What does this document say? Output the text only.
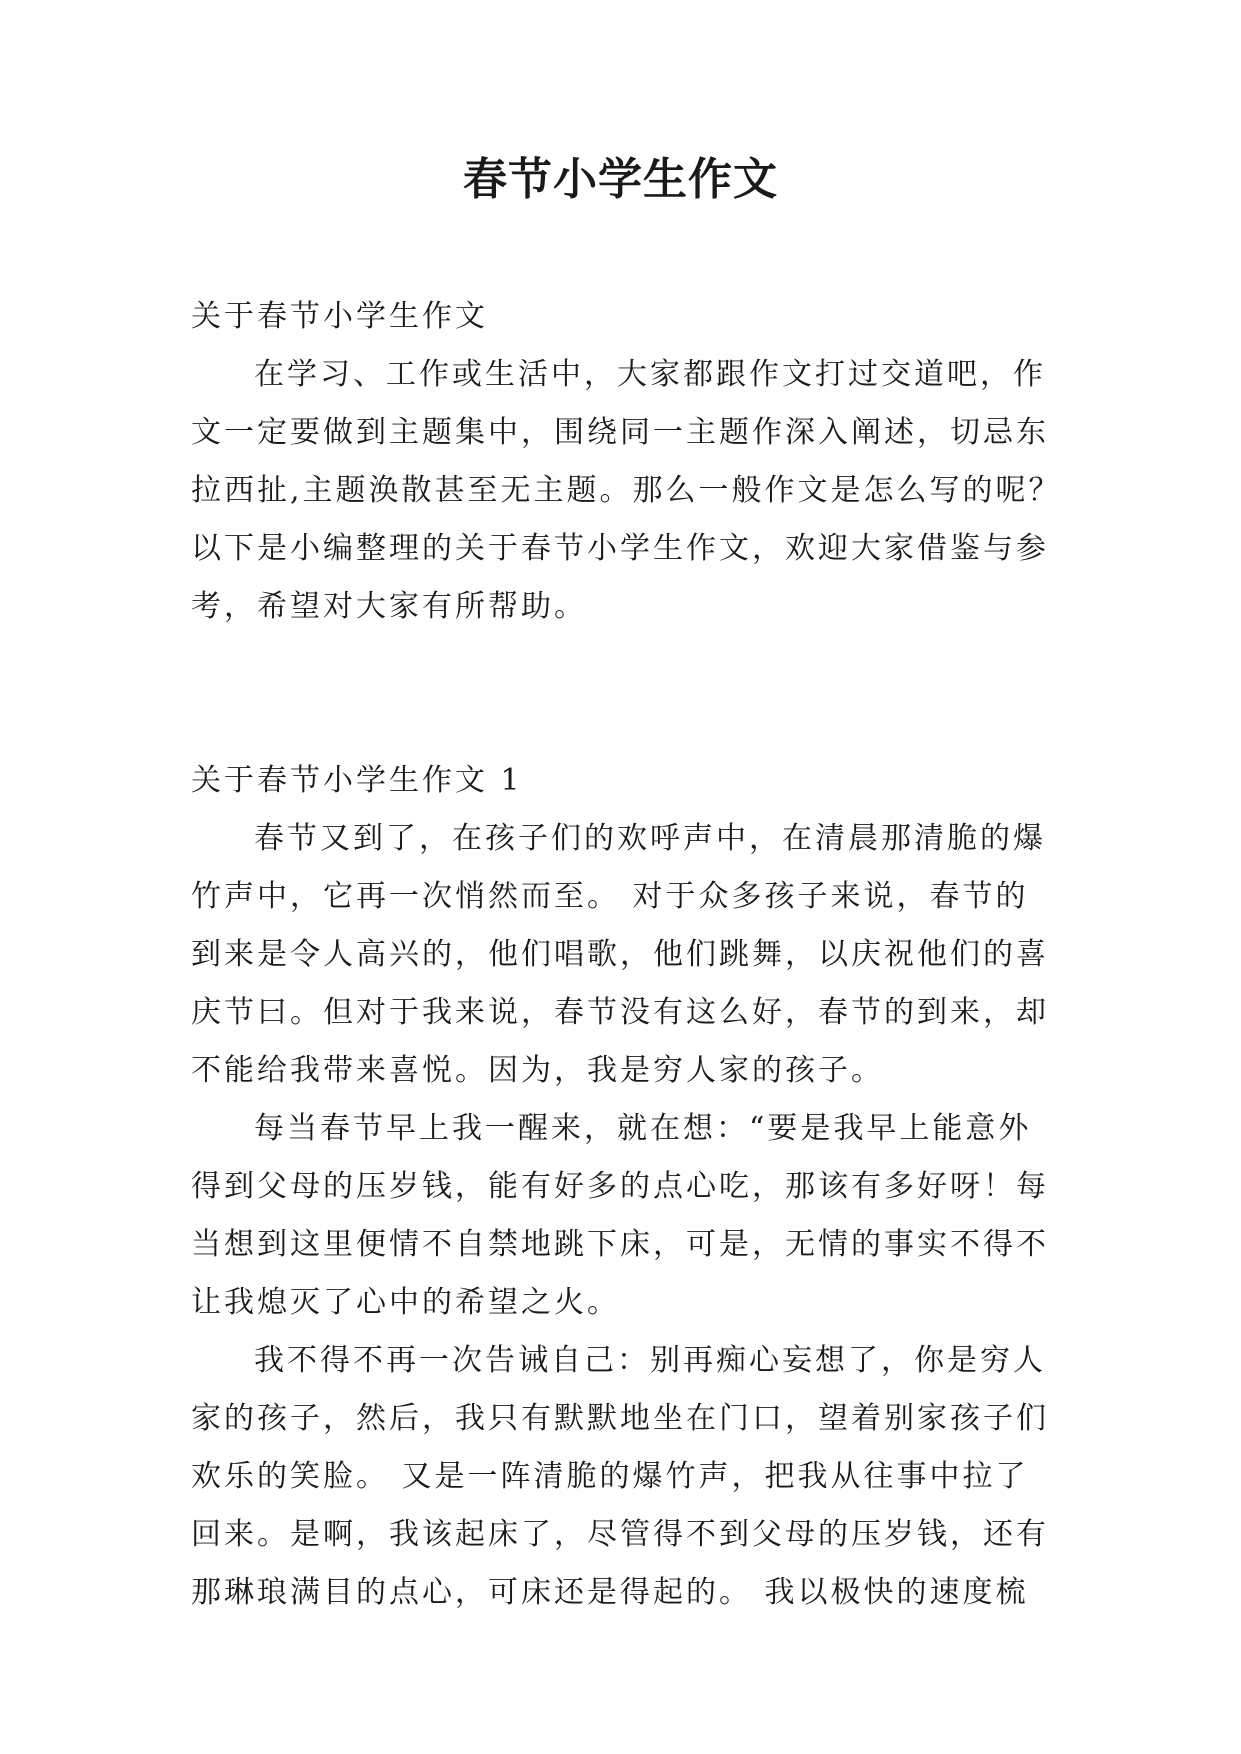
春节小学生作文

关于春节小学生作文

在学习、工作或生活中，大家都跟作文打过交道吧，作

文一定要做到主题集中，围绕同一主题作深入阐述，切忌东

拉西扯,主题涣散甚至无主题。那么一般作文是怎么写的呢？

以下是小编整理的关于春节小学生作文，欢迎大家借鉴与参

考，希望对大家有所帮助。

关于春节小学生作文 1

春节又到了，在孩子们的欢呼声中，在清晨那清脆的爆

竹声中，它再一次悄然而至。 对于众多孩子来说，春节的

到来是令人高兴的，他们唱歌，他们跳舞，以庆祝他们的喜

庆节曰。但对于我来说，春节没有这么好，春节的到来，却

不能给我带来喜悦。因为，我是穷人家的孩子。

每当春节早上我一醒来，就在想：“要是我早上能意外

得到父母的压岁钱，能有好多的点心吃，那该有多好呀！每

当想到这里便情不自禁地跳下床，可是，无情的事实不得不

让我熄灭了心中的希望之火。

我不得不再一次告诫自己：别再痴心妄想了，你是穷人

家的孩子，然后，我只有默默地坐在门口，望着别家孩子们

欢乐的笑脸。 又是一阵清脆的爆竹声，把我从往事中拉了

回来。是啊，我该起床了，尽管得不到父母的压岁钱，还有

那琳琅满目的点心，可床还是得起的。 我以极快的速度梳
